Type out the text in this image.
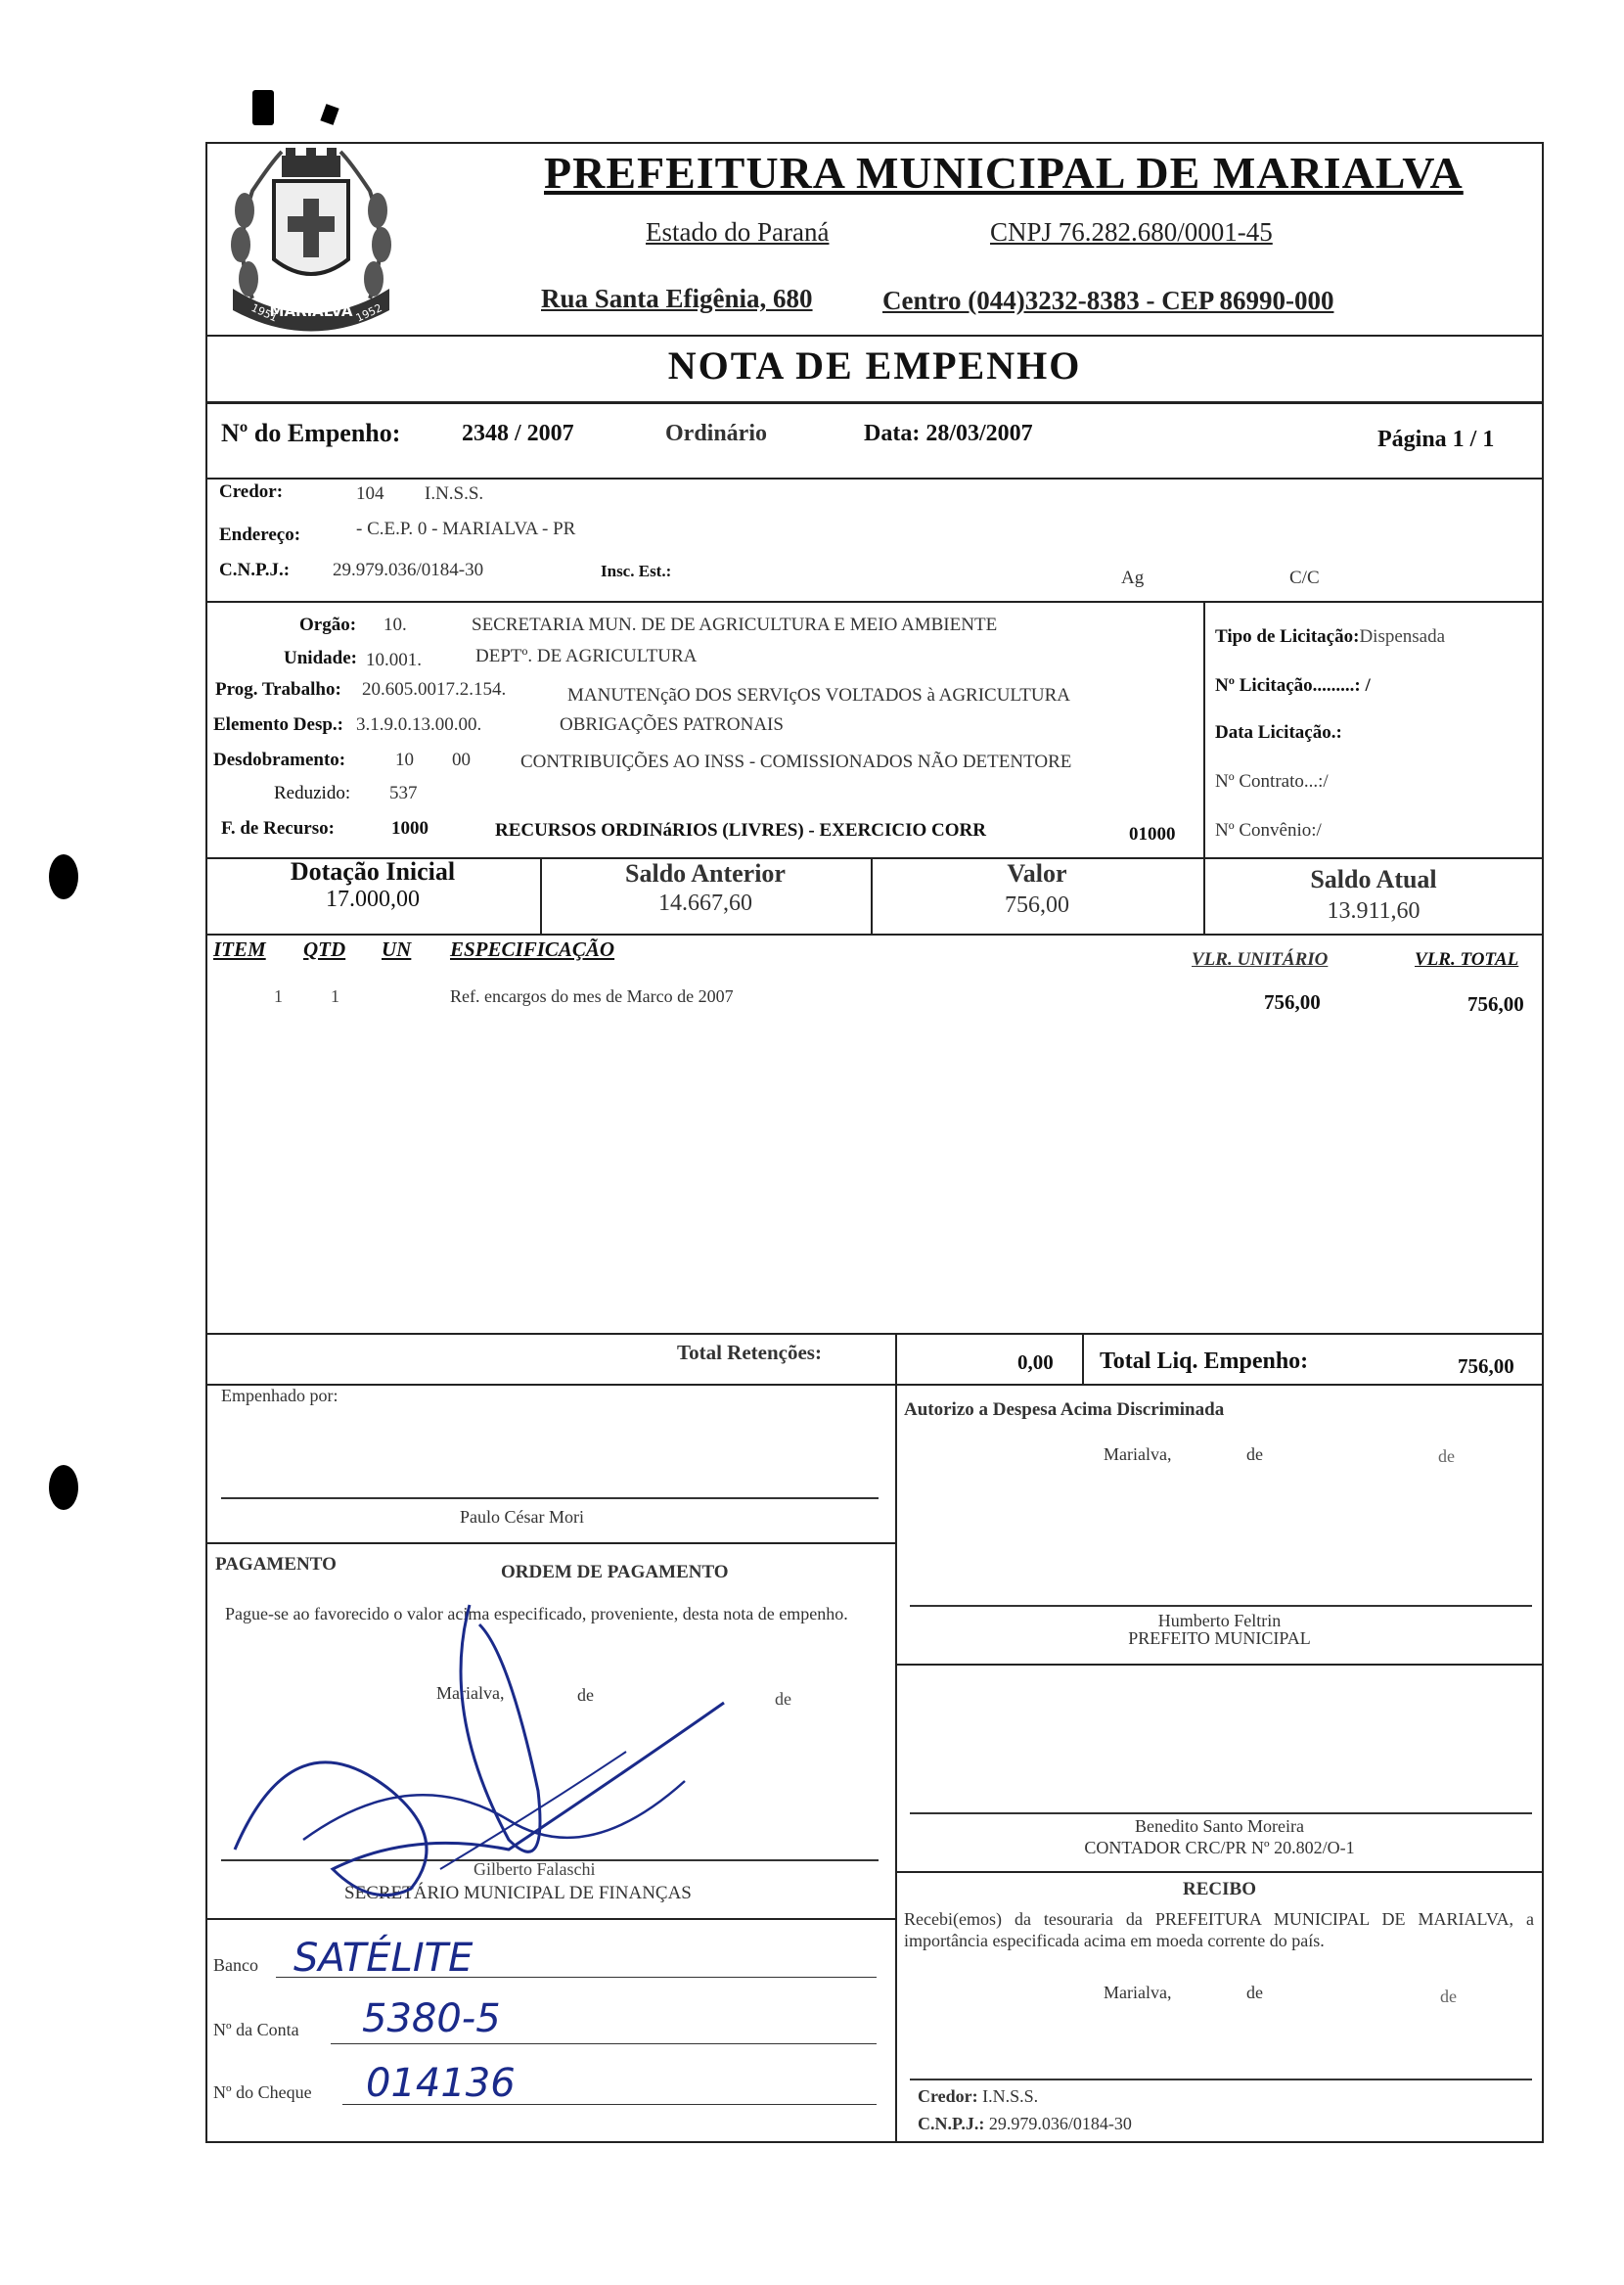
MARIALVA
1951	1952
PREFEITURA MUNICIPAL DE MARIALVA
Estado do Paraná	CNPJ 76.282.680/0001-45
Rua Santa Efigênia, 680	Centro (044)3232-8383 - CEP 86990-000
NOTA DE EMPENHO
Nº do Empenho:	2348 / 2007	Ordinário	Data: 28/03/2007	Página 1 / 1
Credor:	104 I.N.S.S.
Endereço:	- C.E.P. 0 - MARIALVA - PR
C.N.P.J.: 29.979.036/0184-30	Insc. Est.:	Ag	C/C
Orgão: 10.	SECRETARIA MUN. DE DE AGRICULTURA E MEIO AMBIENTE
Unidade: 10.001.	DEPTº. DE AGRICULTURA
Prog. Trabalho: 20.605.0017.2.154.	MANUTENçãO DOS SERVIçOS VOLTADOS à AGRICULTURA
Elemento Desp.: 3.1.9.0.13.00.00.	OBRIGAÇÕES PATRONAIS
Desdobramento:	10 00	CONTRIBUIÇÕES AO INSS - COMISSIONADOS NÃO DETENTORE
Reduzido: 537
F. de Recurso:	1000	RECURSOS ORDINáRIOS (LIVRES) - EXERCICIO CORR	01000
Tipo de Licitação:Dispensada
Nº Licitação.........: /
Data Licitação.:
Nº Contrato...:/
Nº Convênio:/
Dotação Inicial
17.000,00
Saldo Anterior
14.667,60
Valor
756,00
Saldo Atual
13.911,60
ITEM QTD UN ESPECIFICAÇÃO	VLR. UNITÁRIO	VLR. TOTAL
1	1	Ref. encargos do mes de Marco de 2007	756,00	756,00
Total Retenções:	0,00 Total Liq. Empenho:	756,00
Empenhado por:
Paulo César Mori
Autorizo a Despesa Acima Discriminada
Marialva,	de	de
Humberto Feltrin
PREFEITO MUNICIPAL
Benedito Santo Moreira
CONTADOR CRC/PR Nº 20.802/O-1
RECIBO
Recebi(emos) da tesouraria da PREFEITURA MUNICIPAL DE MARIALVA, a importância especificada acima em moeda corrente do país.
Marialva,	de	de
Credor: I.N.S.S.
C.N.P.J.: 29.979.036/0184-30
PAGAMENTO	ORDEM DE PAGAMENTO
Pague-se ao favorecido o valor acima especificado, proveniente, desta nota de empenho.
Marialva,	de	de
Gilberto Falaschi
SECRETÁRIO MUNICIPAL DE FINANÇAS
Banco SATÉLITE
Nº da Conta 5380-5
Nº do Cheque 014136
